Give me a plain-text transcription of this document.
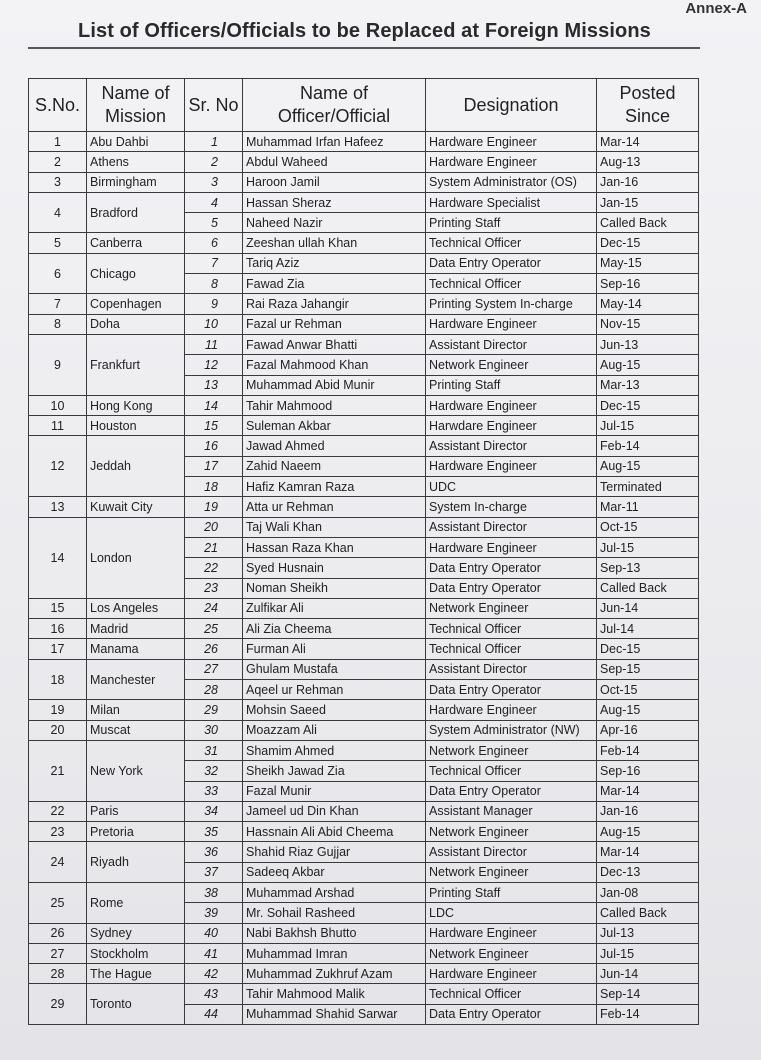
Annex-A
List of Officers/Officials to be Replaced at Foreign Missions
S.No.	Name of Mission	Sr. No	Name of Officer/Official	Designation	Posted Since
1	Abu Dahbi	1	Muhammad Irfan Hafeez	Hardware Engineer	Mar-14
2	Athens	2	Abdul Waheed	Hardware Engineer	Aug-13
3	Birmingham	3	Haroon Jamil	System Administrator (OS)	Jan-16
4	Bradford	4	Hassan Sheraz	Hardware Specialist	Jan-15
		5	Naheed Nazir	Printing Staff	Called Back
5	Canberra	6	Zeeshan ullah Khan	Technical Officer	Dec-15
6	Chicago	7	Tariq Aziz	Data Entry Operator	May-15
		8	Fawad Zia	Technical Officer	Sep-16
7	Copenhagen	9	Rai Raza Jahangir	Printing System In-charge	May-14
8	Doha	10	Fazal ur Rehman	Hardware Engineer	Nov-15
9	Frankfurt	11	Fawad Anwar Bhatti	Assistant Director	Jun-13
		12	Fazal Mahmood Khan	Network Engineer	Aug-15
		13	Muhammad Abid Munir	Printing Staff	Mar-13
10	Hong Kong	14	Tahir Mahmood	Hardware Engineer	Dec-15
11	Houston	15	Suleman Akbar	Harwdare Engineer	Jul-15
12	Jeddah	16	Jawad Ahmed	Assistant Director	Feb-14
		17	Zahid Naeem	Hardware Engineer	Aug-15
		18	Hafiz Kamran Raza	UDC	Terminated
13	Kuwait City	19	Atta ur Rehman	System In-charge	Mar-11
14	London	20	Taj Wali Khan	Assistant Director	Oct-15
		21	Hassan Raza Khan	Hardware Engineer	Jul-15
		22	Syed Husnain	Data Entry Operator	Sep-13
		23	Noman Sheikh	Data Entry Operator	Called Back
15	Los Angeles	24	Zulfikar Ali	Network Engineer	Jun-14
16	Madrid	25	Ali Zia Cheema	Technical Officer	Jul-14
17	Manama	26	Furman Ali	Technical Officer	Dec-15
18	Manchester	27	Ghulam Mustafa	Assistant Director	Sep-15
		28	Aqeel ur Rehman	Data Entry Operator	Oct-15
19	Milan	29	Mohsin Saeed	Hardware Engineer	Aug-15
20	Muscat	30	Moazzam Ali	System Administrator (NW)	Apr-16
21	New York	31	Shamim Ahmed	Network Engineer	Feb-14
		32	Sheikh Jawad Zia	Technical Officer	Sep-16
		33	Fazal Munir	Data Entry Operator	Mar-14
22	Paris	34	Jameel ud Din Khan	Assistant Manager	Jan-16
23	Pretoria	35	Hassnain Ali Abid Cheema	Network Engineer	Aug-15
24	Riyadh	36	Shahid Riaz Gujjar	Assistant Director	Mar-14
		37	Sadeeq Akbar	Network Engineer	Dec-13
25	Rome	38	Muhammad Arshad	Printing Staff	Jan-08
		39	Mr. Sohail Rasheed	LDC	Called Back
26	Sydney	40	Nabi Bakhsh Bhutto	Hardware Engineer	Jul-13
27	Stockholm	41	Muhammad Imran	Network Engineer	Jul-15
28	The Hague	42	Muhammad Zukhruf Azam	Hardware Engineer	Jun-14
29	Toronto	43	Tahir Mahmood Malik	Technical Officer	Sep-14
		44	Muhammad Shahid Sarwar	Data Entry Operator	Feb-14
